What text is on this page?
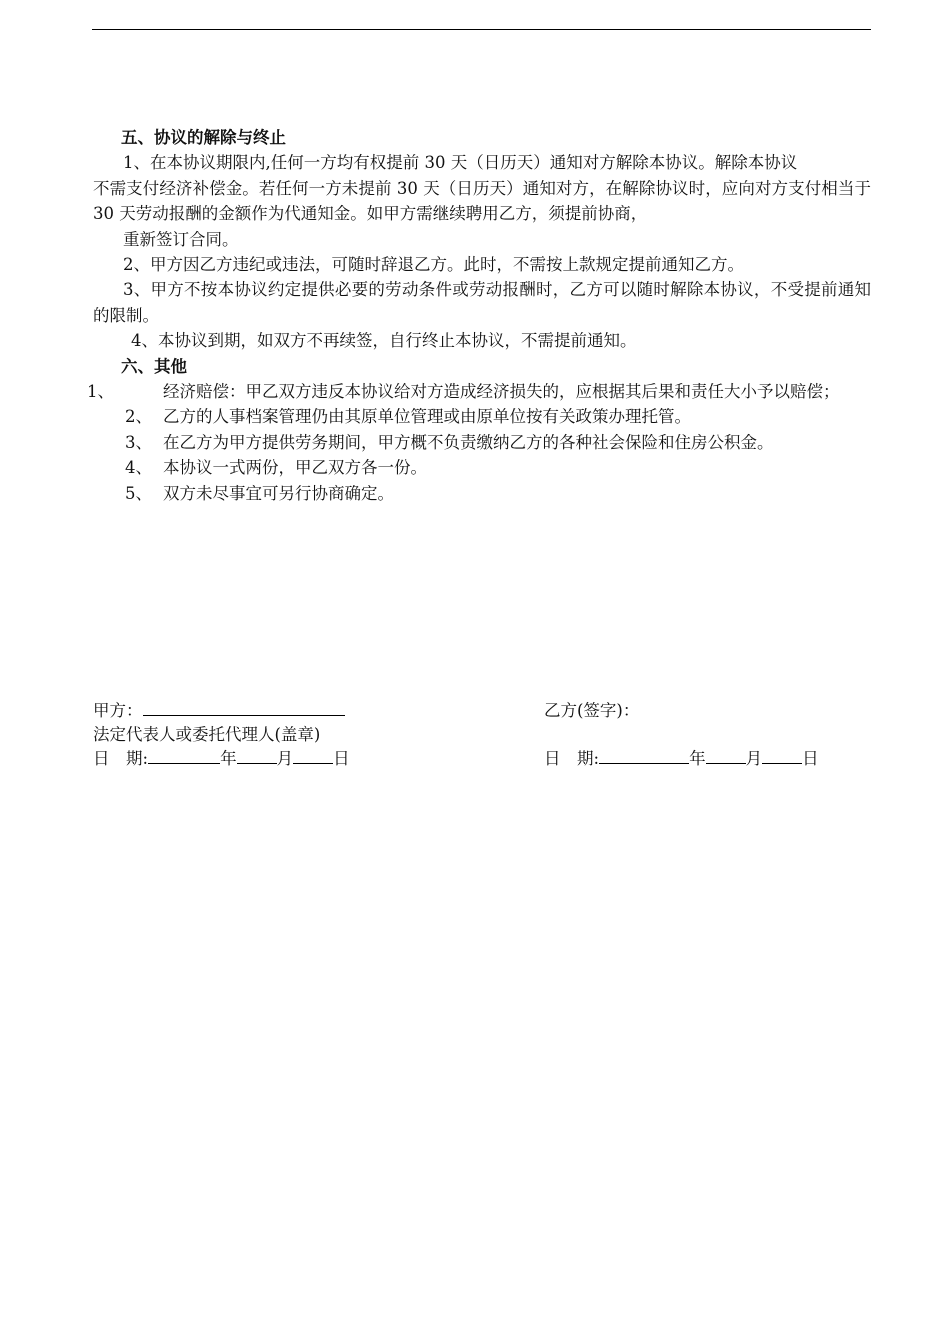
五、协议的解除与终止

1、在本协议期限内,任何一方均有权提前 30 天（日历天）通知对方解除本协议。解除本协议

不需支付经济补偿金。若任何一方未提前 30 天（日历天）通知对方，在解除协议时，应向对方支付相当于 30 天劳动报酬的金额作为代通知金。如甲方需继续聘用乙方，须提前协商，

重新签订合同。

2、甲方因乙方违纪或违法，可随时辞退乙方。此时，不需按上款规定提前通知乙方。

3、甲方不按本协议约定提供必要的劳动条件或劳动报酬时，乙方可以随时解除本协议，不受提前通知的限制。

4、本协议到期，如双方不再续签，自行终止本协议，不需提前通知。

六、其他
1、	经济赔偿：甲乙双方违反本协议给对方造成经济损失的，应根据其后果和责任大小予以赔偿；
2、 乙方的人事档案管理仍由其原单位管理或由原单位按有关政策办理托管。
3、 在乙方为甲方提供劳务期间，甲方概不负责缴纳乙方的各种社会保险和住房公积金。
4、 本协议一式两份，甲乙双方各一份。
5、 双方未尽事宜可另行协商确定。
甲方：
法定代表人或委托代理人(盖章)
日　期:	年 月 日
乙方(签字)：
日　期:	年 月 日
